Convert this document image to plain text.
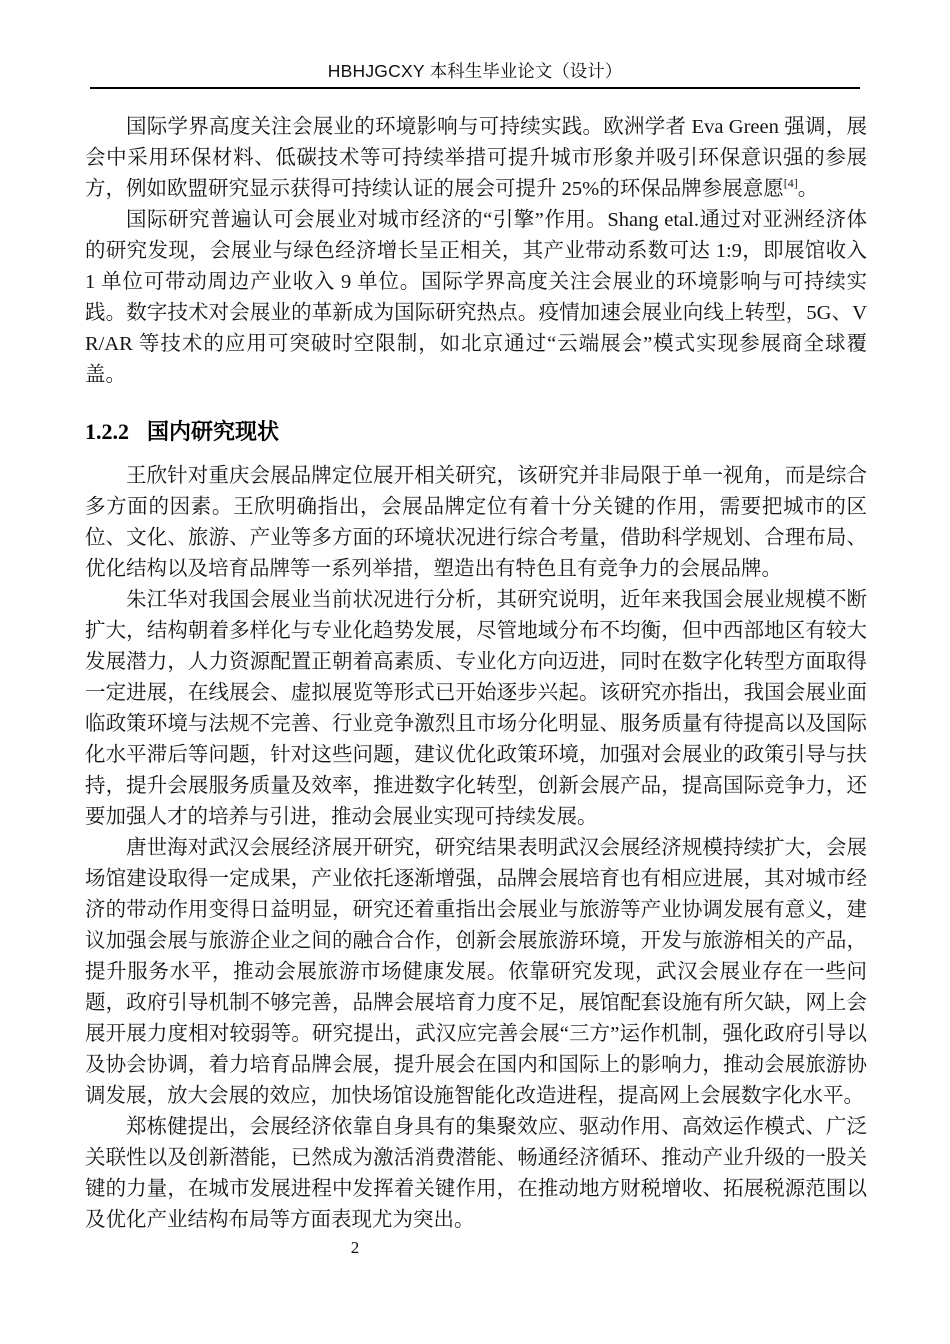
HBHJGCXY 本科生毕业论文（设计）

国际学界高度关注会展业的环境影响与可持续实践。欧洲学者 Eva Green 强调，展会中采用环保材料、低碳技术等可持续举措可提升城市形象并吸引环保意识强的参展方，例如欧盟研究显示获得可持续认证的展会可提升 25%的环保品牌参展意愿[4]。

国际研究普遍认可会展业对城市经济的“引擎”作用。Shang etal.通过对亚洲经济体的研究发现，会展业与绿色经济增长呈正相关，其产业带动系数可达 1:9，即展馆收入 1 单位可带动周边产业收入 9 单位。国际学界高度关注会展业的环境影响与可持续实践。数字技术对会展业的革新成为国际研究热点。疫情加速会展业向线上转型，5G、VR/AR 等技术的应用可突破时空限制，如北京通过“云端展会”模式实现参展商全球覆盖。

1.2.2 国内研究现状

王欣针对重庆会展品牌定位展开相关研究，该研究并非局限于单一视角，而是综合多方面的因素。王欣明确指出，会展品牌定位有着十分关键的作用，需要把城市的区位、文化、旅游、产业等多方面的环境状况进行综合考量，借助科学规划、合理布局、优化结构以及培育品牌等一系列举措，塑造出有特色且有竞争力的会展品牌。

朱江华对我国会展业当前状况进行分析，其研究说明，近年来我国会展业规模不断扩大，结构朝着多样化与专业化趋势发展，尽管地域分布不均衡，但中西部地区有较大发展潜力，人力资源配置正朝着高素质、专业化方向迈进，同时在数字化转型方面取得一定进展，在线展会、虚拟展览等形式已开始逐步兴起。该研究亦指出，我国会展业面临政策环境与法规不完善、行业竞争激烈且市场分化明显、服务质量有待提高以及国际化水平滞后等问题，针对这些问题，建议优化政策环境，加强对会展业的政策引导与扶持，提升会展服务质量及效率，推进数字化转型，创新会展产品，提高国际竞争力，还要加强人才的培养与引进，推动会展业实现可持续发展。

唐世海对武汉会展经济展开研究，研究结果表明武汉会展经济规模持续扩大，会展场馆建设取得一定成果，产业依托逐渐增强，品牌会展培育也有相应进展，其对城市经济的带动作用变得日益明显，研究还着重指出会展业与旅游等产业协调发展有意义，建议加强会展与旅游企业之间的融合合作，创新会展旅游环境，开发与旅游相关的产品，提升服务水平，推动会展旅游市场健康发展。依靠研究发现，武汉会展业存在一些问题，政府引导机制不够完善，品牌会展培育力度不足，展馆配套设施有所欠缺，网上会展开展力度相对较弱等。研究提出，武汉应完善会展“三方”运作机制，强化政府引导以及协会协调，着力培育品牌会展，提升展会在国内和国际上的影响力，推动会展旅游协调发展，放大会展的效应，加快场馆设施智能化改造进程，提高网上会展数字化水平。

郑栋健提出，会展经济依靠自身具有的集聚效应、驱动作用、高效运作模式、广泛关联性以及创新潜能，已然成为激活消费潜能、畅通经济循环、推动产业升级的一股关键的力量，在城市发展进程中发挥着关键作用，在推动地方财税增收、拓展税源范围以及优化产业结构布局等方面表现尤为突出。

2
